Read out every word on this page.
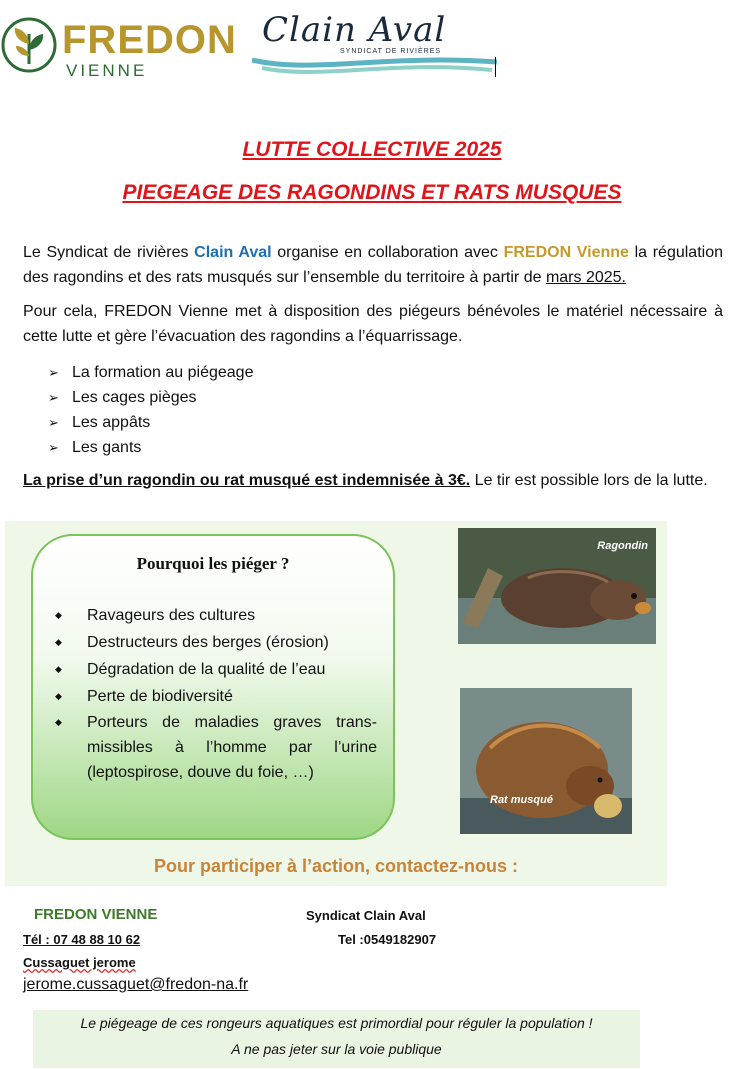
FREDON
VIENNE
Clain Aval
SYNDICAT DE RIVIÈRES
LUTTE COLLECTIVE 2025
PIEGEAGE DES RAGONDINS ET RATS MUSQUES
Le Syndicat de rivières Clain Aval organise en collaboration avec FREDON Vienne la régulation des ragondins et des rats musqués sur l’ensemble du territoire à partir de mars 2025.
Pour cela, FREDON Vienne met à disposition des piégeurs bénévoles le matériel nécessaire à cette lutte et gère l’évacuation des ragondins a l’équarrissage.
➢ La formation au piégeage
➢ Les cages pièges
➢ Les appâts
➢ Les gants
La prise d’un ragondin ou rat musqué est indemnisée à 3€. Le tir est possible lors de la lutte.
Pourquoi les piéger ?
◆ Ravageurs des cultures
◆ Destructeurs des berges (érosion)
◆ Dégradation de la qualité de l’eau
◆ Perte de biodiversité
◆ Porteurs de maladies graves trans-missibles à l’homme par l’urine (leptospirose, douve du foie, …)
Ragondin
Rat musqué
Pour participer à l’action, contactez-nous :
FREDON VIENNE	Syndicat Clain Aval
Tél : 07 48 88 10 62	Tel :0549182907
Cussaguet jerome
jerome.cussaguet@fredon-na.fr
Le piégeage de ces rongeurs aquatiques est primordial pour réguler la population !
A ne pas jeter sur la voie publique
